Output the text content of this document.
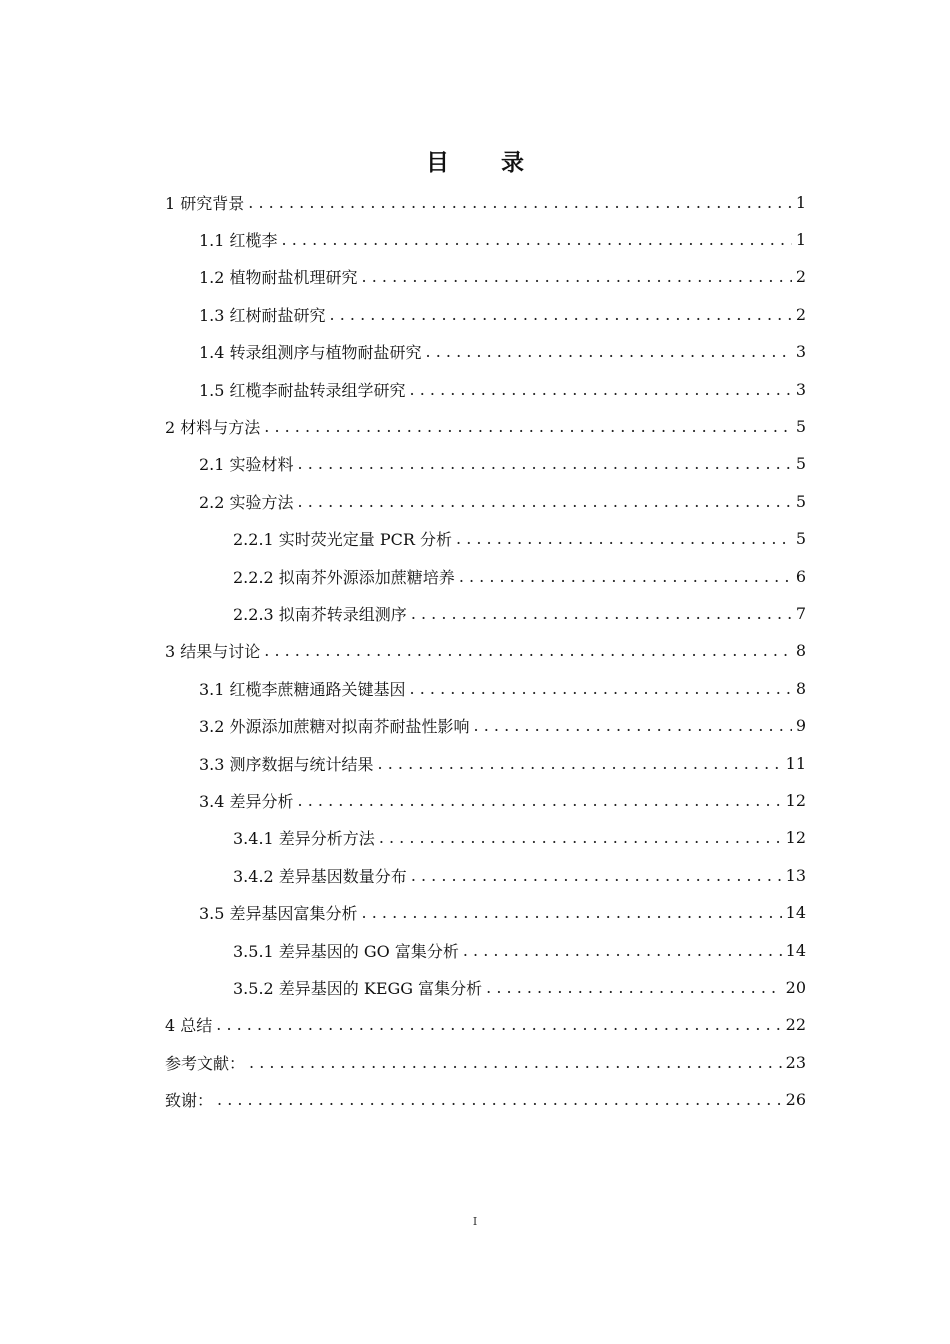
目 录
1 研究背景 . . .	1
1.1 红榄李 . . .	1
1.2 植物耐盐机理研究 . . .	2
1.3 红树耐盐研究 . . .	2
1.4 转录组测序与植物耐盐研究 . . .	3
1.5 红榄李耐盐转录组学研究 . . .	3
2 材料与方法 . . .	5
2.1 实验材料 . . .	5
2.2 实验方法 . . .	5
2.2.1 实时荧光定量 PCR 分析 . . .	5
2.2.2 拟南芥外源添加蔗糖培养 . . .	6
2.2.3 拟南芥转录组测序 . . .	7
3 结果与讨论 . . .	8
3.1 红榄李蔗糖通路关键基因 . . .	8
3.2 外源添加蔗糖对拟南芥耐盐性影响 . . .	9
3.3 测序数据与统计结果 . . .	11
3.4 差异分析 . . .	12
3.4.1 差异分析方法 . . .	12
3.4.2 差异基因数量分布 . . .	13
3.5 差异基因富集分析 . . .	14
3.5.1 差异基因的 GO 富集分析 . . .	14
3.5.2 差异基因的 KEGG 富集分析 . . .	20
4 总结 . . .	22
参考文献： . . .	23
致谢： . . .	26
I
